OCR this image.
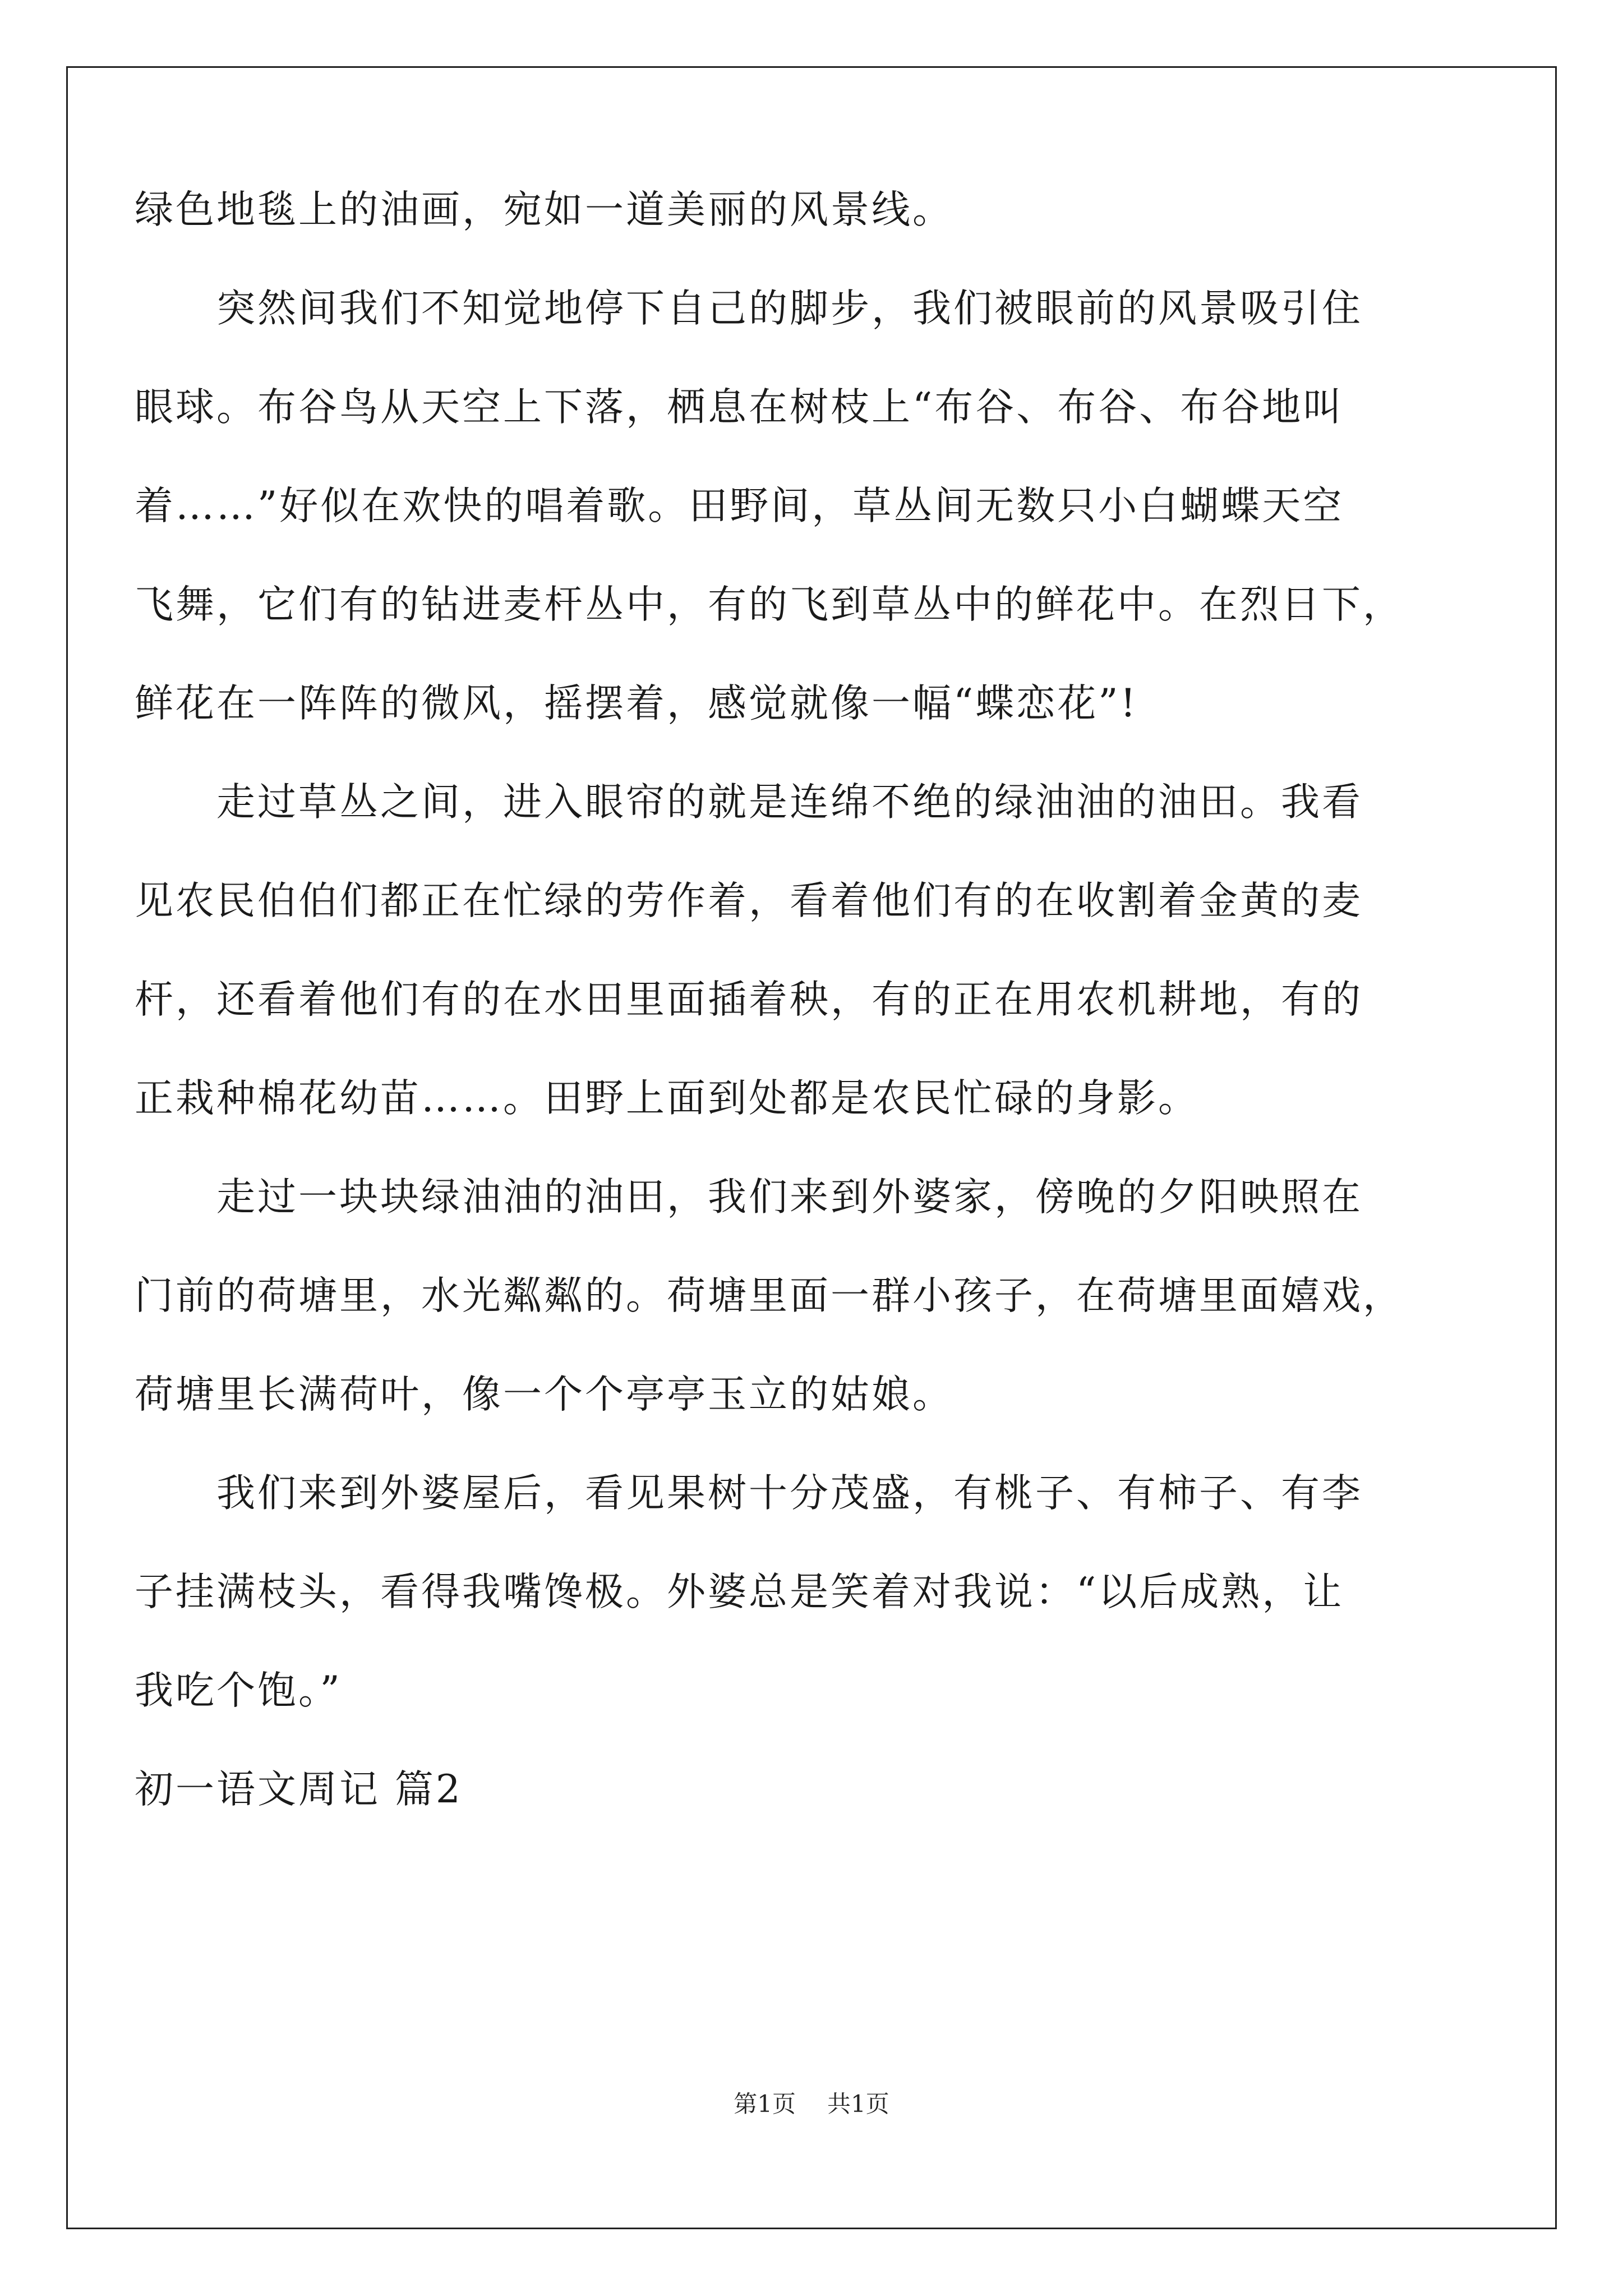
绿色地毯上的油画，宛如一道美丽的风景线。

突然间我们不知觉地停下自己的脚步，我们被眼前的风景吸引住

眼球。布谷鸟从天空上下落，栖息在树枝上“布谷、布谷、布谷地叫

着……”好似在欢快的唱着歌。田野间，草丛间无数只小白蝴蝶天空

飞舞，它们有的钻进麦杆丛中，有的飞到草丛中的鲜花中。在烈日下，

鲜花在一阵阵的微风，摇摆着，感觉就像一幅“蝶恋花”!

走过草丛之间，进入眼帘的就是连绵不绝的绿油油的油田。我看

见农民伯伯们都正在忙绿的劳作着，看着他们有的在收割着金黄的麦

杆，还看着他们有的在水田里面插着秧，有的正在用农机耕地，有的

正栽种棉花幼苗……。田野上面到处都是农民忙碌的身影。

走过一块块绿油油的油田，我们来到外婆家，傍晚的夕阳映照在

门前的荷塘里，水光粼粼的。荷塘里面一群小孩子，在荷塘里面嬉戏，

荷塘里长满荷叶，像一个个亭亭玉立的姑娘。

我们来到外婆屋后，看见果树十分茂盛，有桃子、有柿子、有李

子挂满枝头，看得我嘴馋极。外婆总是笑着对我说：“以后成熟，让

我吃个饱。”

初一语文周记 篇2

第1页 共1页
